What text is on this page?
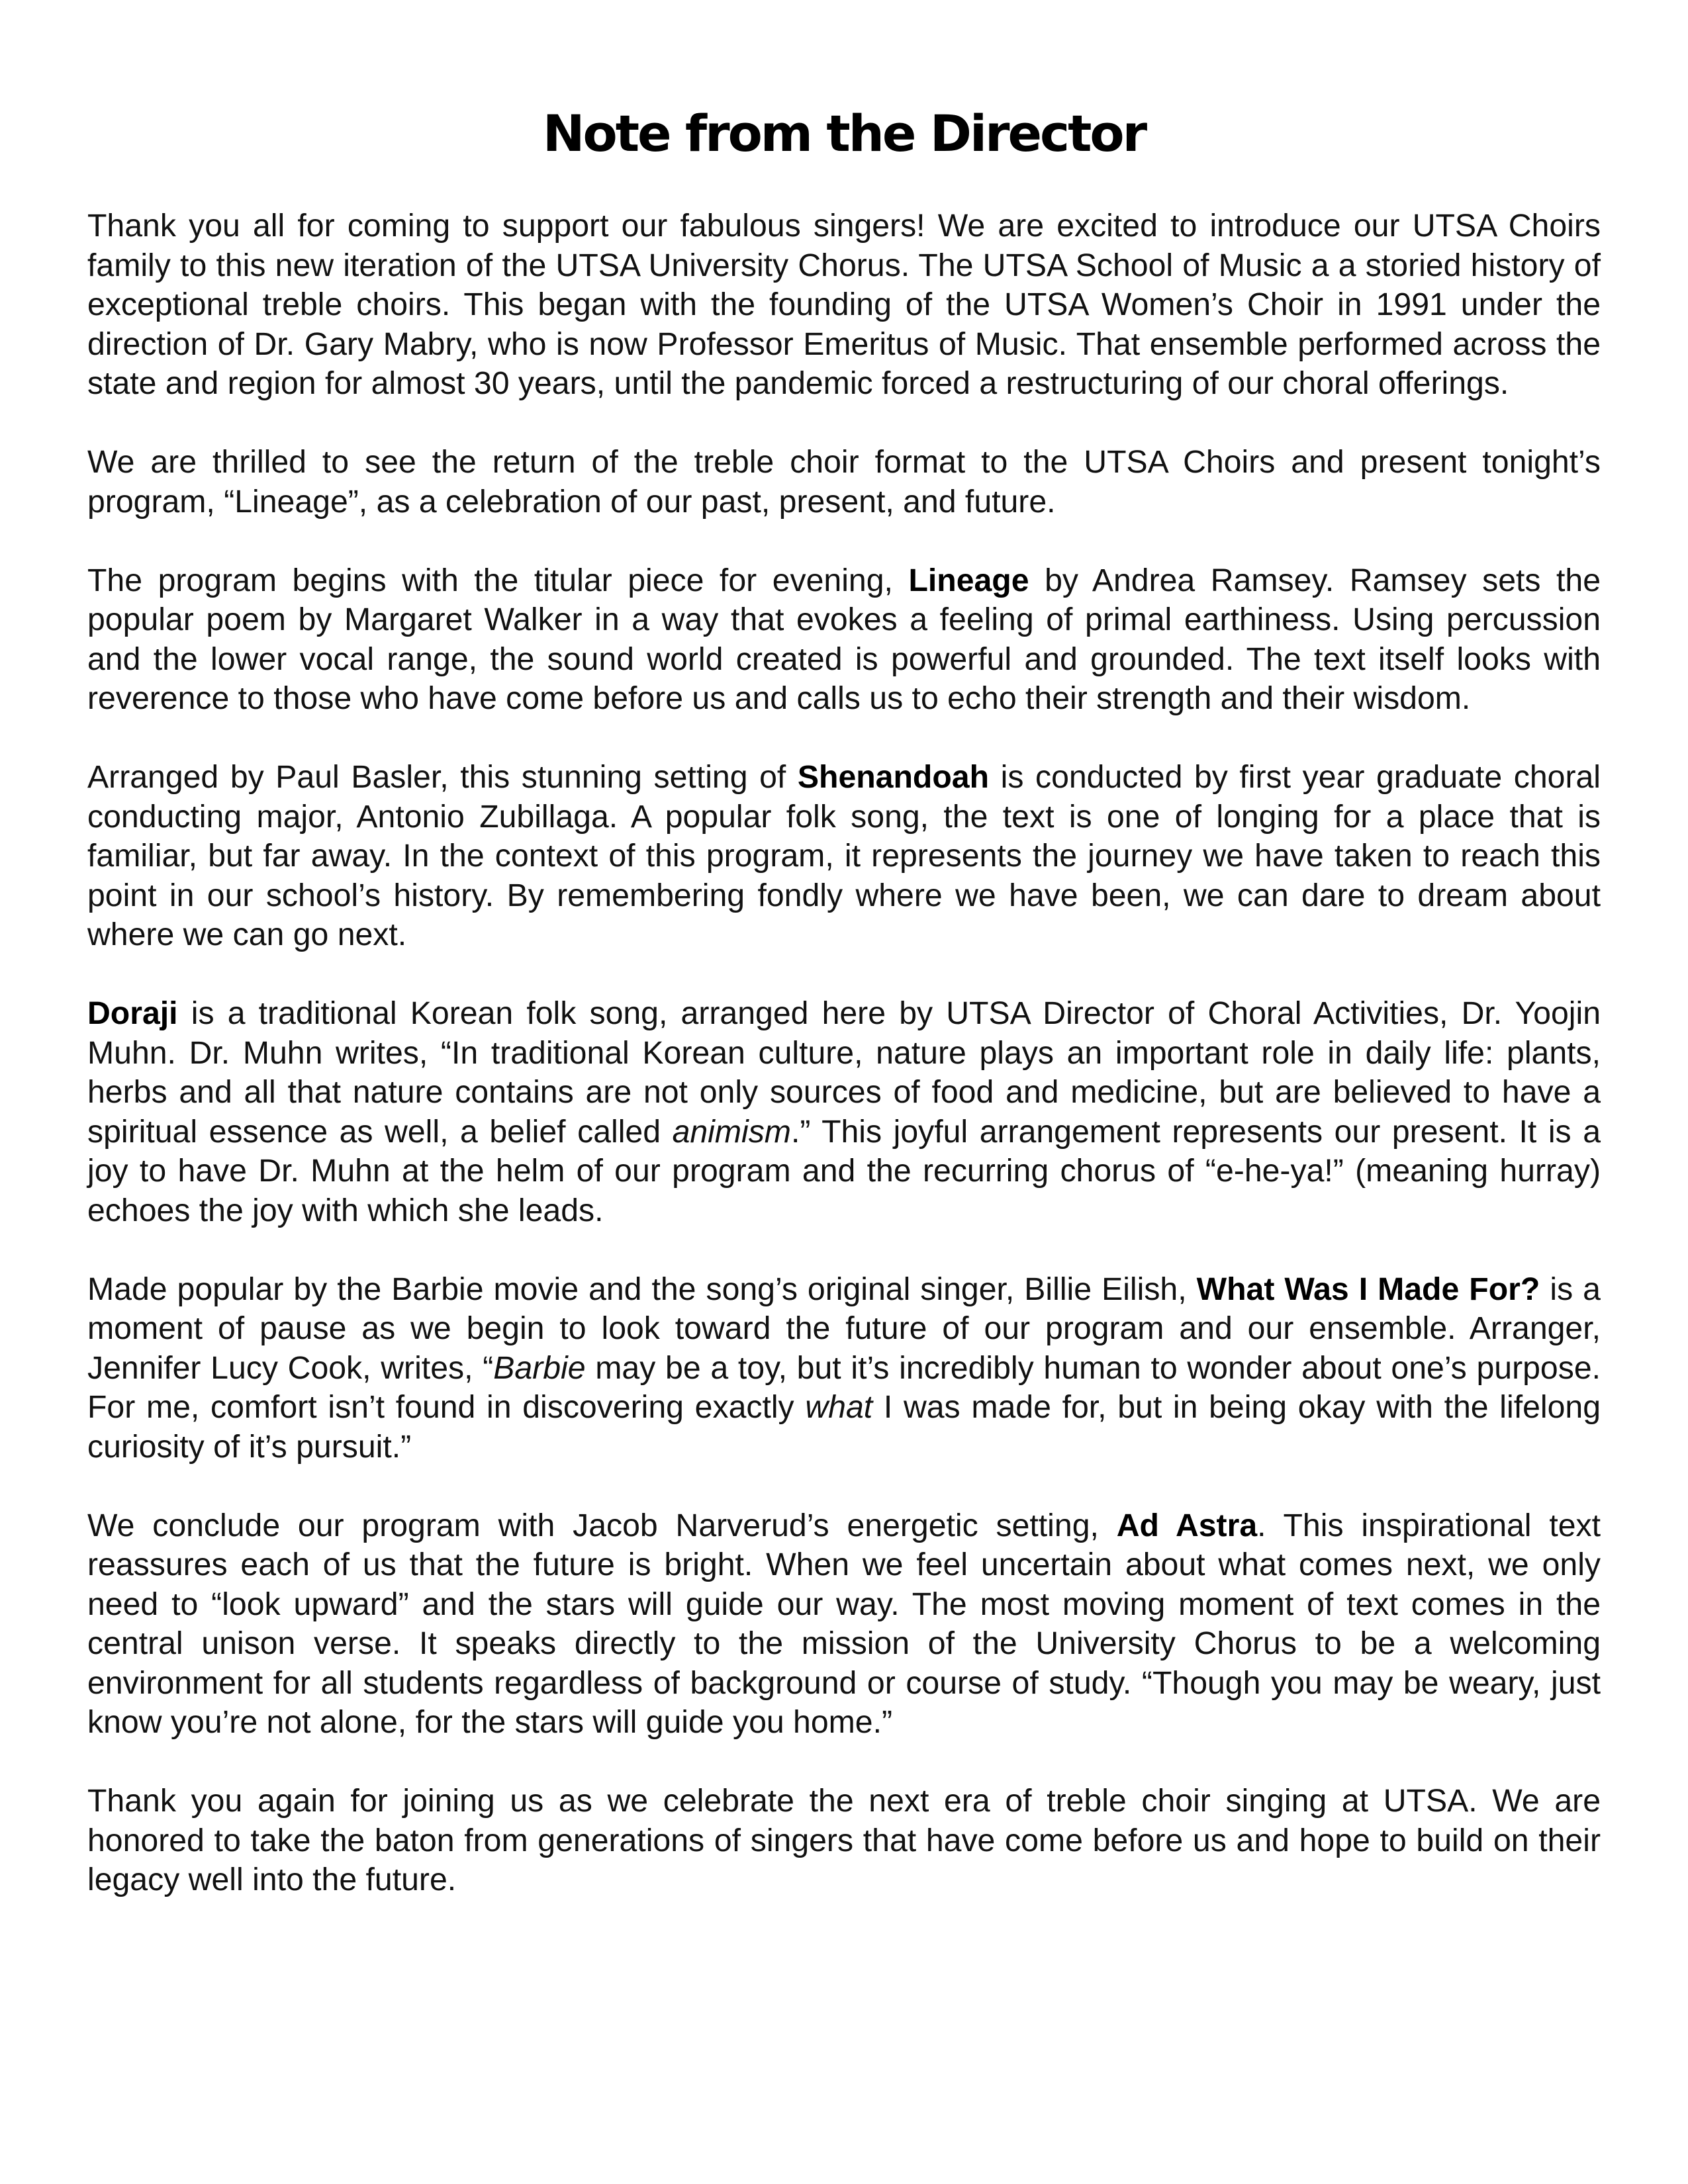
Note from the Director

Thank you all for coming to support our fabulous singers! We are excited to introduce our UTSA Choirs family to this new iteration of the UTSA University Chorus. The UTSA School of Music a a storied history of exceptional treble choirs. This began with the founding of the UTSA Women’s Choir in 1991 under the direction of Dr. Gary Mabry, who is now Professor Emeritus of Music. That ensemble performed across the state and region for almost 30 years, until the pandemic forced a restructuring of our choral offerings.

We are thrilled to see the return of the treble choir format to the UTSA Choirs and present tonight’s program, “Lineage”, as a celebration of our past, present, and future.

The program begins with the titular piece for evening, Lineage by Andrea Ramsey. Ramsey sets the popular poem by Margaret Walker in a way that evokes a feeling of primal earthiness. Using percussion and the lower vocal range, the sound world created is powerful and grounded. The text itself looks with reverence to those who have come before us and calls us to echo their strength and their wisdom.

Arranged by Paul Basler, this stunning setting of Shenandoah is conducted by first year graduate choral conducting major, Antonio Zubillaga. A popular folk song, the text is one of longing for a place that is familiar, but far away. In the context of this program, it represents the journey we have taken to reach this point in our school’s history. By remembering fondly where we have been, we can dare to dream about where we can go next.

Doraji is a traditional Korean folk song, arranged here by UTSA Director of Choral Activities, Dr. Yoojin Muhn. Dr. Muhn writes, “In traditional Korean culture, nature plays an important role in daily life: plants, herbs and all that nature contains are not only sources of food and medicine, but are believed to have a spiritual essence as well, a belief called animism.” This joyful arrangement represents our present. It is a joy to have Dr. Muhn at the helm of our program and the recurring chorus of “e-he-ya!” (meaning hurray) echoes the joy with which she leads.

Made popular by the Barbie movie and the song’s original singer, Billie Eilish, What Was I Made For? is a moment of pause as we begin to look toward the future of our program and our ensemble. Arranger, Jennifer Lucy Cook, writes, “Barbie may be a toy, but it’s incredibly human to wonder about one’s purpose. For me, comfort isn’t found in discovering exactly what I was made for, but in being okay with the lifelong curiosity of it’s pursuit.”

We conclude our program with Jacob Narverud’s energetic setting, Ad Astra. This inspirational text reassures each of us that the future is bright. When we feel uncertain about what comes next, we only need to “look upward” and the stars will guide our way. The most moving moment of text comes in the central unison verse. It speaks directly to the mission of the University Chorus to be a welcoming environment for all students regardless of background or course of study. “Though you may be weary, just know you’re not alone, for the stars will guide you home.”

Thank you again for joining us as we celebrate the next era of treble choir singing at UTSA. We are honored to take the baton from generations of singers that have come before us and hope to build on their legacy well into the future.
